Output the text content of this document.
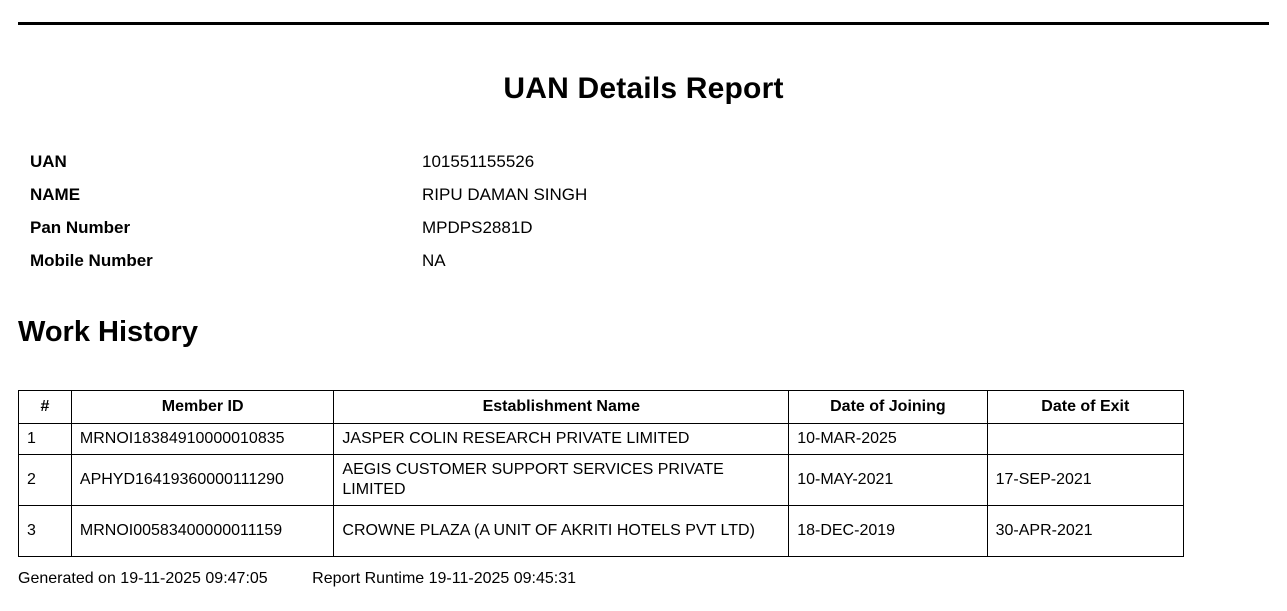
UAN Details Report
UAN	101551155526
NAME	RIPU DAMAN SINGH
Pan Number	MPDPS2881D
Mobile Number	NA
Work History
#	Member ID	Establishment Name	Date of Joining	Date of Exit
1	MRNOI18384910000010835	JASPER COLIN RESEARCH PRIVATE LIMITED	10-MAR-2025	
2	APHYD16419360000111290	AEGIS CUSTOMER SUPPORT SERVICES PRIVATE LIMITED	10-MAY-2021	17-SEP-2021
3	MRNOI00583400000011159	CROWNE PLAZA (A UNIT OF AKRITI HOTELS PVT LTD)	18-DEC-2019	30-APR-2021
Generated on 19-11-2025 09:47:05	Report Runtime 19-11-2025 09:45:31
